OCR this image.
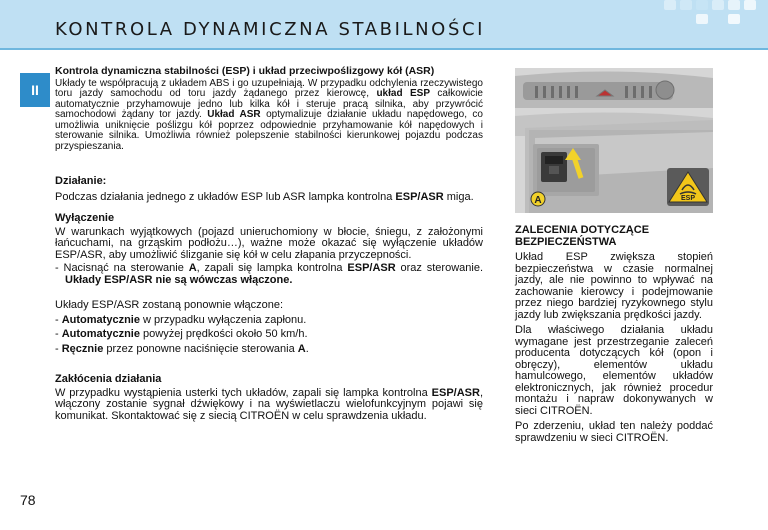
KONTROLA DYNAMICZNA STABILNOŚCI
II

Kontrola dynamiczna stabilności (ESP) i układ przeciwpoślizgowy kół (ASR)

Układy te współpracują z układem ABS i go uzupełniają. W przypadku odchylenia rzeczywistego toru jazdy samochodu od toru jazdy żądanego przez kierowcę, układ ESP całkowicie automatycznie przyhamowuje jedno lub kilka kół i steruje pracą silnika, aby przywrócić samochodowi żądany tor jazdy. Układ ASR optymalizuje działanie układu napędowego, co umożliwia uniknięcie poślizgu kół poprzez odpowiednie przyhamowanie kół napędowych i sterowanie silnika. Umożliwia również polepszenie stabilności kierunkowej pojazdu podczas przyspieszania.

Działanie:

Podczas działania jednego z układów ESP lub ASR lampka kontrolna ESP/ASR miga.

Wyłączenie

W warunkach wyjątkowych (pojazd unieruchomiony w błocie, śniegu, z założonymi łańcuchami, na grząskim podłożu…), ważne może okazać się wyłączenie układów ESP/ASR, aby umożliwić ślizganie się kół w celu złapania przyczepności.

- Nacisnąć na sterowanie A, zapali się lampka kontrolna ESP/ASR oraz sterowanie. Układy ESP/ASR nie są wówczas włączone.

Układy ESP/ASR zostaną ponownie włączone:

- Automatycznie w przypadku wyłączenia zapłonu.
- Automatycznie powyżej prędkości około 50 km/h.
- Ręcznie przez ponowne naciśnięcie sterowania A.

Zakłócenia działania

W przypadku wystąpienia usterki tych układów, zapali się lampka kontrolna ESP/ASR, włączony zostanie sygnał dźwiękowy i na wyświetlaczu wielofunkcyjnym pojawi się komunikat. Skontaktować się z siecią CITROËN w celu sprawdzenia układu.

A	ESP

ZALECENIA DOTYCZĄCE

BEZPIECZEŃSTWA

Układ ESP zwiększa stopień bezpieczeństwa w czasie normalnej jazdy, ale nie powinno to wpływać na zachowanie kierowcy i podejmowanie przez niego bardziej ryzykownego stylu jazdy lub zwiększania prędkości jazdy.

Dla właściwego działania układu wymagane jest przestrzeganie zaleceń producenta dotyczących kół (opon i obręczy), elementów układu hamulcowego, elementów układów elektronicznych, jak również procedur montażu i napraw dokonywanych w sieci CITROËN.

Po zderzeniu, układ ten należy poddać sprawdzeniu w sieci CITROËN.

78
